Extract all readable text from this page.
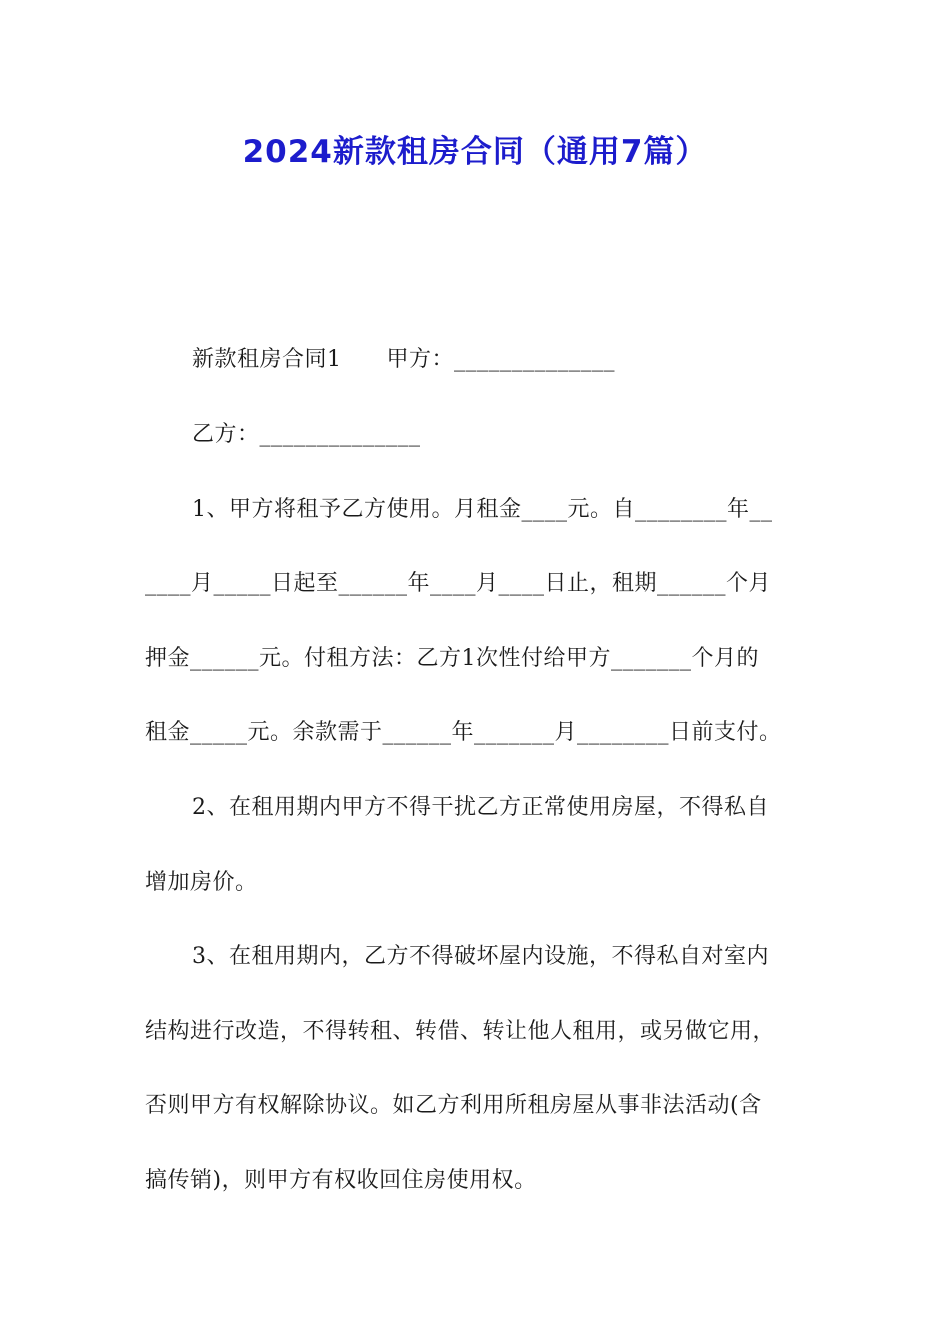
2024新款租房合同（通用7篇）
新款租房合同1　　甲方：______________
乙方：______________
1、甲方将租予乙方使用。月租金____元。自________年__
____月_____日起至______年____月____日止，租期______个月
押金______元。付租方法：乙方1次性付给甲方_______个月的
租金_____元。余款需于______年_______月________日前支付。
2、在租用期内甲方不得干扰乙方正常使用房屋，不得私自
增加房价。
3、在租用期内，乙方不得破坏屋内设施，不得私自对室内
结构进行改造，不得转租、转借、转让他人租用，或另做它用，
否则甲方有权解除协议。如乙方利用所租房屋从事非法活动(含
搞传销)，则甲方有权收回住房使用权。
